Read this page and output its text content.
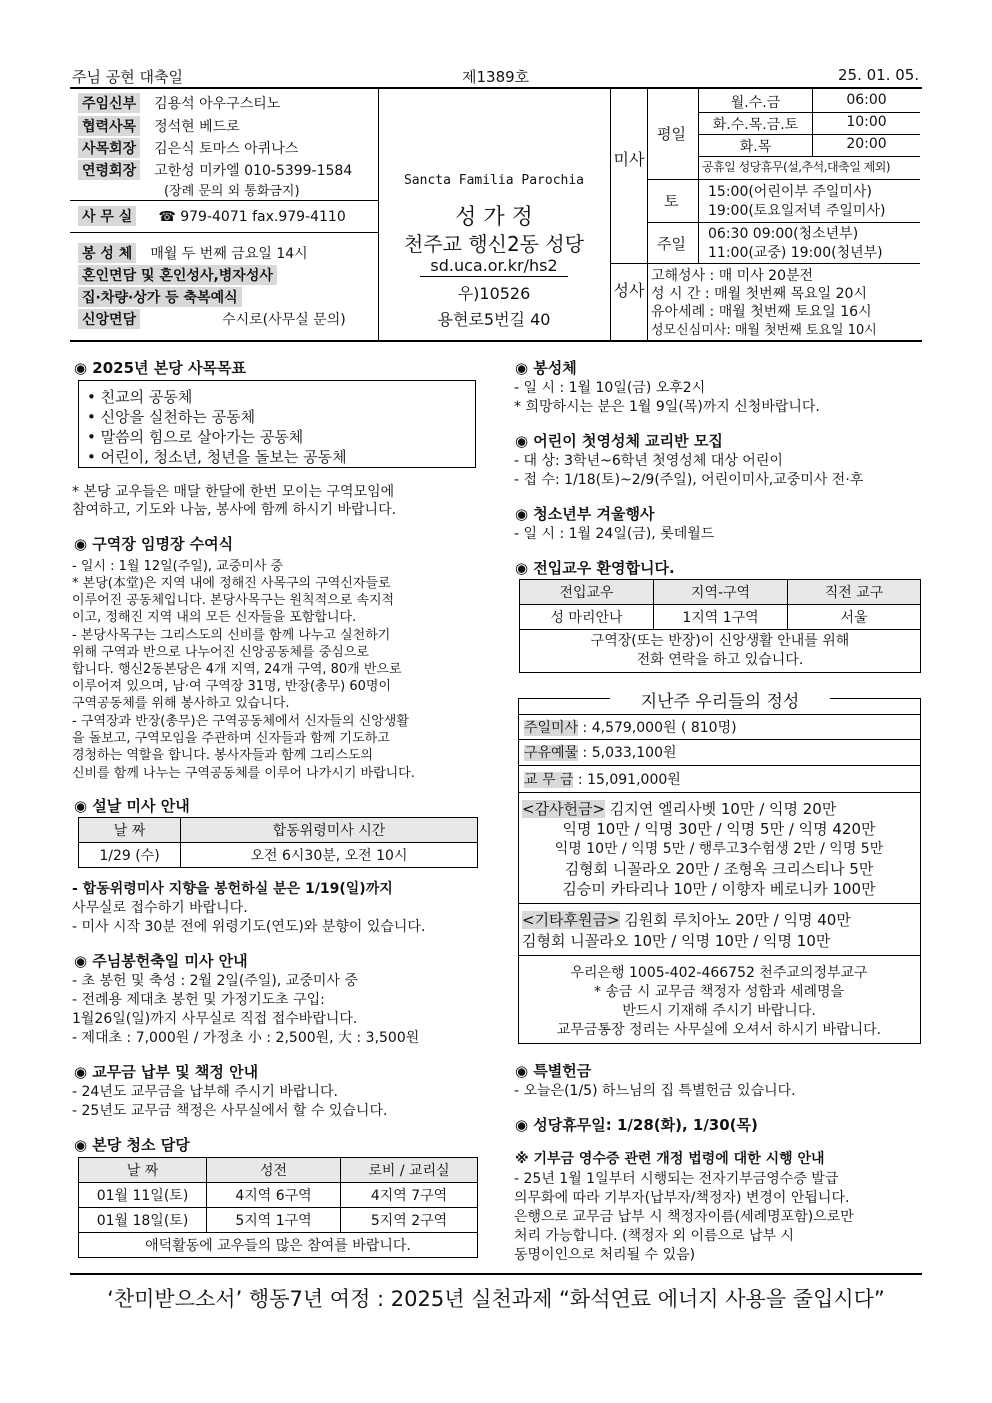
주님 공현 대축일	제1389호	25. 01. 05.
주임신부 김용석 아우구스티노
협력사목 정석현 베드로
사목회장 김은식 토마스 아퀴나스
연령회장 고한성 미카엘 010-5399-1584
(장례 문의 외 통화금지)
사 무 실 ☎ 979-4071 fax.979-4110
봉 성 체 매월 두 번째 금요일 14시
혼인면담 및 혼인성사,병자성사
집·차량·상가 등 축복예식
신앙면담	수시로(사무실 문의)
Sancta Familia Parochia
성 가 정
천주교 행신2동 성당
sd.uca.or.kr/hs2
우)10526
용현로5번길 40
미사
평일
월.수.금	06:00
화.수.목.금.토	10:00
화.목	20:00
공휴일 성당휴무(설,추석,대축일 제외)
토 15:00(어린이부 주일미사)
19:00(토요일저녁 주일미사)
주일
06:30 09:00(청소년부)
11:00(교중) 19:00(청년부)
성사
고해성사 : 매 미사 20분전
성 시 간 : 매월 첫번째 목요일 20시
유아세례 : 매월 첫번째 토요일 16시
성모신심미사: 매월 첫번째 토요일 10시
◉ 2025년 본당 사목목표
• 친교의 공동체
• 신앙을 실천하는 공동체
• 말씀의 힘으로 살아가는 공동체
• 어린이, 청소년, 청년을 돌보는 공동체
* 본당 교우들은 매달 한달에 한번 모이는 구역모임에
참여하고, 기도와 나눔, 봉사에 함께 하시기 바랍니다.
◉ 구역장 임명장 수여식
- 일시 : 1월 12일(주일), 교중미사 중
* 본당(本堂)은 지역 내에 정해진 사목구의 구역신자들로
이루어진 공동체입니다. 본당사목구는 원칙적으로 속지적
이고, 정해진 지역 내의 모든 신자들을 포함합니다.
- 본당사목구는 그리스도의 신비를 함께 나누고 실천하기
위해 구역과 반으로 나누어진 신앙공동체를 중심으로
합니다. 행신2동본당은 4개 지역, 24개 구역, 80개 반으로
이루어져 있으며, 남·여 구역장 31명, 반장(총무) 60명이
구역공동체를 위해 봉사하고 있습니다.
- 구역장과 반장(총무)은 구역공동체에서 신자들의 신앙생활
을 돌보고, 구역모임을 주관하며 신자들과 함께 기도하고
경청하는 역할을 합니다. 봉사자들과 함께 그리스도의
신비를 함께 나누는 구역공동체를 이루어 나가시기 바랍니다.
◉ 설날 미사 안내
날 짜	합동위령미사 시간
1/29 (수)	오전 6시30분, 오전 10시
- 합동위령미사 지향을 봉헌하실 분은 1/19(일)까지
사무실로 접수하기 바랍니다.
- 미사 시작 30분 전에 위령기도(연도)와 분향이 있습니다.
◉ 주님봉헌축일 미사 안내
- 초 봉헌 및 축성 : 2월 2일(주일), 교중미사 중
- 전례용 제대초 봉헌 및 가정기도초 구입:
1월26일(일)까지 사무실로 직접 접수바랍니다.
- 제대초 : 7,000원 / 가정초 小 : 2,500원, 大 : 3,500원
◉ 교무금 납부 및 책정 안내
- 24년도 교무금을 납부해 주시기 바랍니다.
- 25년도 교무금 책정은 사무실에서 할 수 있습니다.
◉ 본당 청소 담당
날 짜	성전	로비 / 교리실
01월 11일(토)	4지역 6구역	4지역 7구역
01월 18일(토)	5지역 1구역	5지역 2구역
애덕활동에 교우들의 많은 참여를 바랍니다.		
◉ 봉성체
- 일 시 : 1월 10일(금) 오후2시
* 희망하시는 분은 1월 9일(목)까지 신청바랍니다.
◉ 어린이 첫영성체 교리반 모집
- 대 상: 3학년~6학년 첫영성체 대상 어린이
- 접 수: 1/18(토)~2/9(주일), 어린이미사,교중미사 전·후
◉ 청소년부 겨울행사
- 일 시 : 1월 24일(금), 롯데월드
◉ 전입교우 환영합니다.
전입교우	지역-구역	직전 교구
성 마리안나	1지역 1구역	서울

구역장(또는 반장)이 신앙생활 안내를 위해
전화 연락을 하고 있습니다.		
지난주 우리들의 정성
주일미사 : 4,579,000원 ( 810명)
구유예물 : 5,033,100원
교 무 금 : 15,091,000원
<감사헌금> 김지연 엘리사벳 10만 / 익명 20만
익명 10만 / 익명 30만 / 익명 5만 / 익명 420만
익명 10만 / 익명 5만 / 행루고3수험생 2만 / 익명 5만
김형회 니꼴라오 20만 / 조형옥 크리스티나 5만
김승미 카타리나 10만 / 이향자 베로니카 100만
<기타후원금> 김원회 루치아노 20만 / 익명 40만
김형회 니꼴라오 10만 / 익명 10만 / 익명 10만
우리은행 1005-402-466752 천주교의정부교구
* 송금 시 교무금 책정자 성함과 세례명을
반드시 기재해 주시기 바랍니다.
교무금통장 정리는 사무실에 오셔서 하시기 바랍니다.
◉ 특별헌금
- 오늘은(1/5) 하느님의 집 특별헌금 있습니다.
◉ 성당휴무일: 1/28(화), 1/30(목)
※ 기부금 영수증 관련 개정 법령에 대한 시행 안내
- 25년 1월 1일부터 시행되는 전자기부금영수증 발급
의무화에 따라 기부자(납부자/책정자) 변경이 안됩니다.
은행으로 교무금 납부 시 책정자이름(세례명포함)으로만
처리 가능합니다. (책정자 외 이름으로 납부 시
동명이인으로 처리될 수 있음)
‘찬미받으소서’ 행동7년 여정 : 2025년 실천과제 “화석연료 에너지 사용을 줄입시다”
